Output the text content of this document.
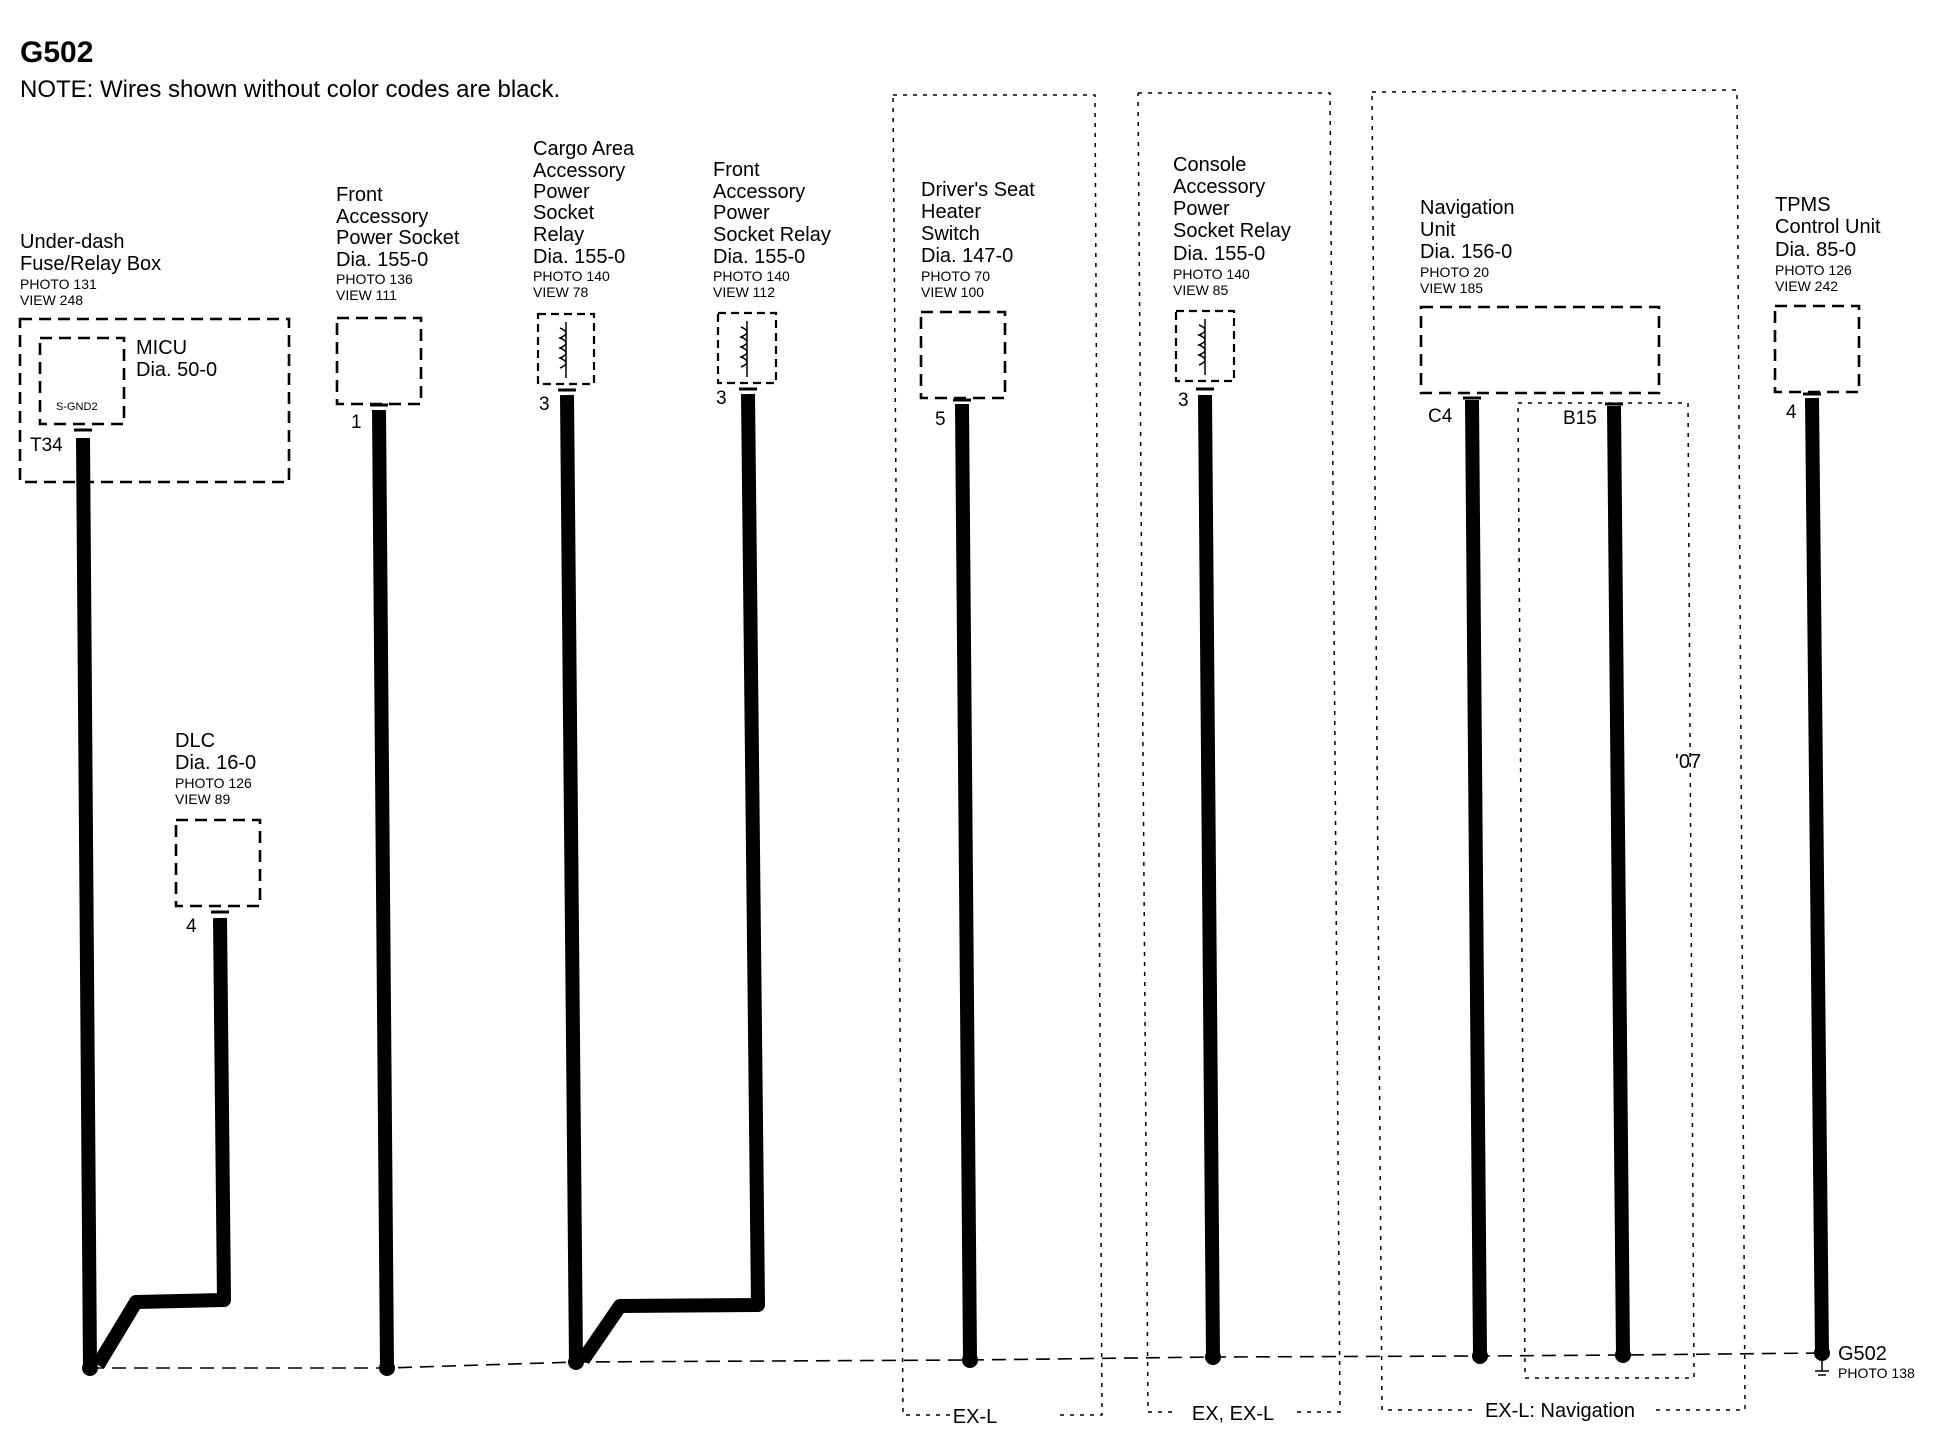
G502
NOTE: Wires shown without color codes are black.
EX-L	EX, EX-L	EX-L: Navigation
'07
G502
PHOTO 138
Under-dash
Fuse/Relay Box
PHOTO 131
VIEW 248
S-GND2
MICU
Dia. 50-0
T34
DLC
Dia. 16-0
PHOTO 126
VIEW 89
4
Front
Accessory
Power Socket
Dia. 155-0
PHOTO 136
VIEW 111
1
Cargo Area
Accessory
Power
Socket
Relay
Dia. 155-0
PHOTO 140
VIEW 78
3
Front
Accessory
Power
Socket Relay
Dia. 155-0
PHOTO 140
VIEW 112
3
Driver's Seat
Heater
Switch
Dia. 147-0
PHOTO 70
VIEW 100
5
Console
Accessory
Power
Socket Relay
Dia. 155-0
PHOTO 140
VIEW 85
3
Navigation
Unit
Dia. 156-0
PHOTO 20
VIEW 185
C4	B15
TPMS
Control Unit
Dia. 85-0
PHOTO 126
VIEW 242
4
